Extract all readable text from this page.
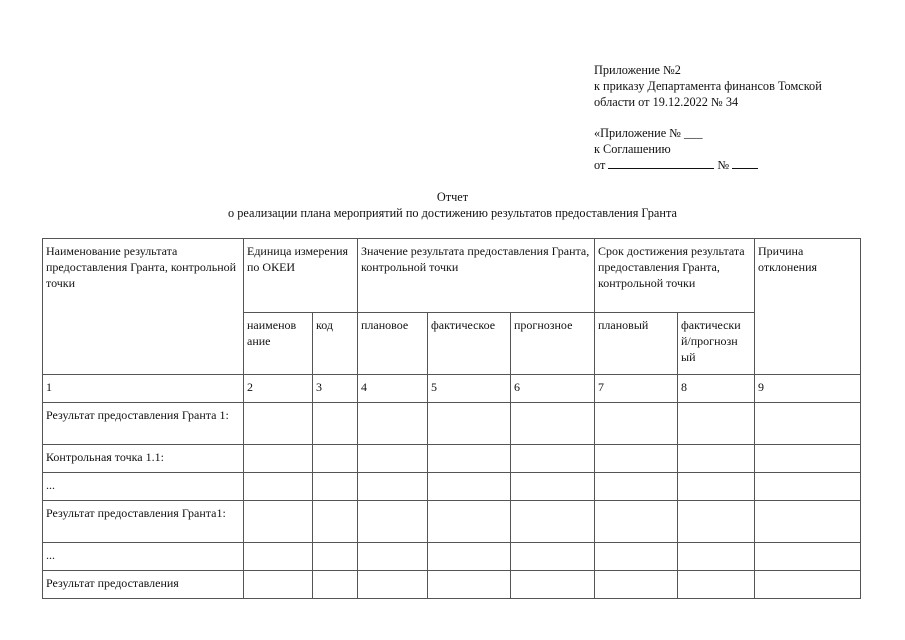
Приложение №2
к приказу Департамента финансов Томской
области от 19.12.2022 № 34
«Приложение № ___
к Соглашению
от	№
Отчет
о реализации плана мероприятий по достижению результатов предоставления Гранта
Наименование результата предоставления Гранта, контрольной точки	Единица измерения по ОКЕИ		Значение результата предоставления Гранта, контрольной точки			Срок достижения результата предоставления Гранта, контрольной точки		Причина отклонения
	наименов ание	код	плановое	фактическое	прогнозное	плановый	фактически й/прогнозн ый	
1	2	3	4	5	6	7	8	9
Результат предоставления Гранта 1:								
Контрольная точка 1.1:								
...								
Результат предоставления Гранта1:								
...								
Результат предоставления								
